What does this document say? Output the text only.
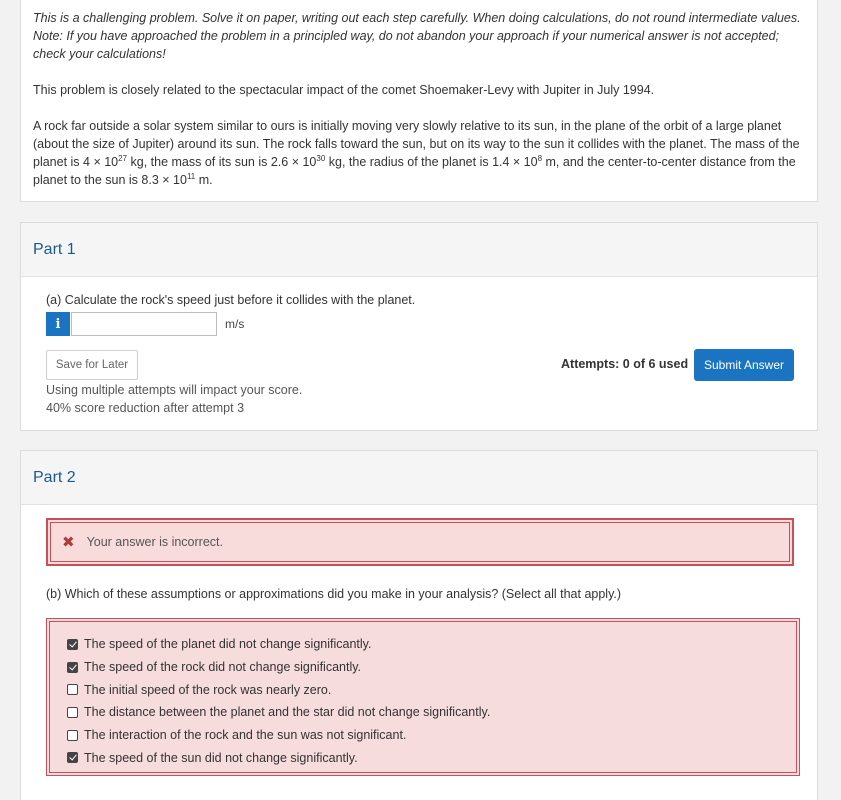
This is a challenging problem. Solve it on paper, writing out each step carefully. When doing calculations, do not round intermediate values. Note: If you have approached the problem in a principled way, do not abandon your approach if your numerical answer is not accepted; check your calculations!

This problem is closely related to the spectacular impact of the comet Shoemaker-Levy with Jupiter in July 1994.

A rock far outside a solar system similar to ours is initially moving very slowly relative to its sun, in the plane of the orbit of a large planet (about the size of Jupiter) around its sun. The rock falls toward the sun, but on its way to the sun it collides with the planet. The mass of the planet is $4 \times 10^{27}$ kg, the mass of its sun is $2.6 \times 10^{30}$ kg, the radius of the planet is $1.4 \times 10^8$ m, and the center-to-center distance from the planet to the sun is $8.3 \times 10^{11}$ m.

Part 1
(a) Calculate the rock's speed just before it collides with the planet.
i	m/s
Save for Later	Attempts: 0 of 6 used	Submit Answer
Using multiple attempts will impact your score.
40% score reduction after attempt 3
Part 2
✖ Your answer is incorrect.
(b) Which of these assumptions or approximations did you make in your analysis? (Select all that apply.)
The speed of the planet did not change significantly.
The speed of the rock did not change significantly.
The initial speed of the rock was nearly zero.
The distance between the planet and the star did not change significantly.
The interaction of the rock and the sun was not significant.
The speed of the sun did not change significantly.
